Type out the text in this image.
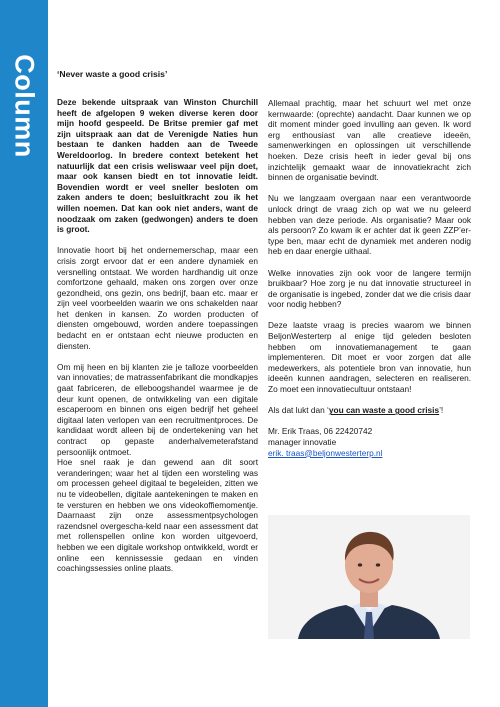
Column ‘Never waste a good crisis’

Deze bekende uitspraak van Winston Churchill heeft de afgelopen 9 weken diverse keren door mijn hoofd gespeeld. De Britse premier gaf met zijn uitspraak aan dat de Verenigde Naties hun bestaan te danken hadden aan de Tweede Wereldoorlog. In bredere context betekent het natuurlijk dat een crisis weliswaar veel pijn doet, maar ook kansen biedt en tot innovatie leidt. Bovendien wordt er veel sneller besloten om zaken anders te doen; besluitkracht zou ik het willen noemen. Dat kan ook niet anders, want de noodzaak om zaken (gedwongen) anders te doen is groot.

Innovatie hoort bij het ondernemerschap, maar een crisis zorgt ervoor dat er een andere dynamiek en versnelling ontstaat. We worden hardhandig uit onze comfortzone gehaald, maken ons zorgen over onze gezondheid, ons gezin, ons bedrijf, baan etc. maar er zijn veel voorbeelden waarin we ons schakelden naar het denken in kansen. Zo worden producten of diensten omgebouwd, worden andere toepassingen bedacht en er ontstaan echt nieuwe producten en diensten.

Om mij heen en bij klanten zie je talloze voorbeelden van innovaties; de matrassenfabrikant die mondkapjes gaat fabriceren, de elleboogshandel waarmee je de deur kunt openen, de ontwikkeling van een digitale escaperoom en binnen ons eigen bedrijf het geheel digitaal laten verlopen van een recruitmentproces. De kandidaat wordt alleen bij de ondertekening van het contract op gepaste anderhalvemeterafstand persoonlijk ontmoet.

Hoe snel raak je dan gewend aan dit soort veranderingen; waar het al tijden een worsteling was om processen geheel digitaal te begeleiden, zitten we nu te videobellen, digitale aantekeningen te maken en te versturen en hebben we ons videokoffiemomentje. Daarnaast zijn onze assessmentpsychologen razendsnel overgescha-keld naar een assessment dat met rollenspellen online kon worden uitgevoerd, hebben we een digitale workshop ontwikkeld, wordt er online een kennissessie gedaan en vinden coachingssessies online plaats.

Allemaal prachtig, maar het schuurt wel met onze kernwaarde: (oprechte) aandacht. Daar kunnen we op dit moment minder goed invulling aan geven. Ik word erg enthousiast van alle creatieve ideeën, samenwerkingen en oplossingen uit verschillende hoeken. Deze crisis heeft in ieder geval bij ons inzichtelijk gemaakt waar de innovatiekracht zich binnen de organisatie bevindt.

Nu we langzaam overgaan naar een verantwoorde unlock dringt de vraag zich op wat we nu geleerd hebben van deze periode. Als organisatie? Maar ook als persoon? Zo kwam ik er achter dat ik geen ZZP’er-type ben, maar echt de dynamiek met anderen nodig heb en daar energie uithaal.

Welke innovaties zijn ook voor de langere termijn bruikbaar? Hoe zorg je nu dat innovatie structureel in de organisatie is ingebed, zonder dat we die crisis daar voor nodig hebben?

Deze laatste vraag is precies waarom we binnen BeljonWesterterp al enige tijd geleden besloten hebben om innovatiemanagement te gaan implementeren. Dit moet er voor zorgen dat alle medewerkers, als potentiele bron van innovatie, hun ideeën kunnen aandragen, selecteren en realiseren. Zo moet een innovatiecultuur ontstaan!

Als dat lukt dan ‘you can waste a good crisis’!

Mr. Erik Traas, 06 22420742

manager innovatie

erik. traas@beljonwesterterp.nl
